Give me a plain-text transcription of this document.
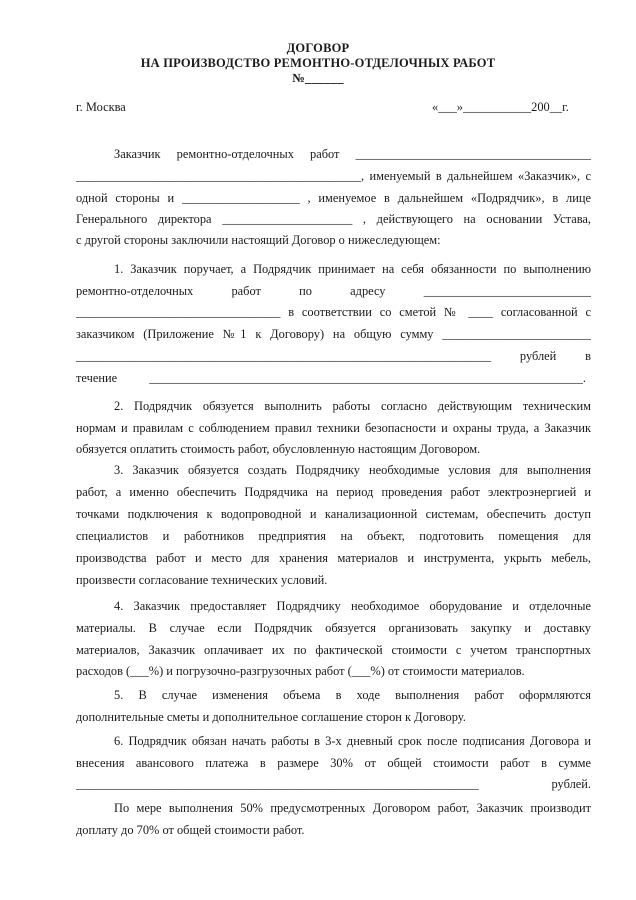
ДОГОВОР
НА ПРОИЗВОДСТВО РЕМОНТНО-ОТДЕЛОЧНЫХ РАБОТ
№______
г. Москва	«___»___________200__г.
Заказчик ремонтно-отделочных работ ______________________________________
______________________________________________, именуемый в дальнейшем «Заказчик», с
одной стороны и ___________________ , именуемое в дальнейшем «Подрядчик», в лице
Генерального директора _____________________ , действующего на основании Устава,
с другой стороны заключили настоящий Договор о нижеследующем:
1. Заказчик поручает, а Подрядчик принимает на себя обязанности по выполнению
ремонтно-отделочных работ по адресу ___________________________
_________________________________ в соответствии со сметой № ____ согласованной с
заказчиком (Приложение №1 к Договору) на общую сумму ________________________
___________________________________________________________________ рублей в
течение ______________________________________________________________________.
2. Подрядчик обязуется выполнить работы согласно действующим техническим
нормам и правилам с соблюдением правил техники безопасности и охраны труда, а Заказчик
обязуется оплатить стоимость работ, обусловленную настоящим Договором.
3. Заказчик обязуется создать Подрядчику необходимые условия для выполнения
работ, а именно обеспечить Подрядчика на период проведения работ электроэнергией и
точками подключения к водопроводной и канализационной системам, обеспечить доступ
специалистов и работников предприятия на объект, подготовить помещения для
производства работ и место для хранения материалов и инструмента, укрыть мебель,
произвести согласование технических условий.
4. Заказчик предоставляет Подрядчику необходимое оборудование и отделочные
материалы. В случае если Подрядчик обязуется организовать закупку и доставку
материалов, Заказчик оплачивает их по фактической стоимости с учетом транспортных
расходов (___%) и погрузочно-разгрузочных работ (___%) от стоимости материалов.
5. В случае изменения объема в ходе выполнения работ оформляются
дополнительные сметы и дополнительное соглашение сторон к Договору.
6. Подрядчик обязан начать работы в 3-х дневный срок после подписания Договора и
внесения авансового платежа в размере 30% от общей стоимости работ в сумме
_________________________________________________________________ рублей.
По мере выполнения 50% предусмотренных Договором работ, Заказчик производит
доплату до 70% от общей стоимости работ.
